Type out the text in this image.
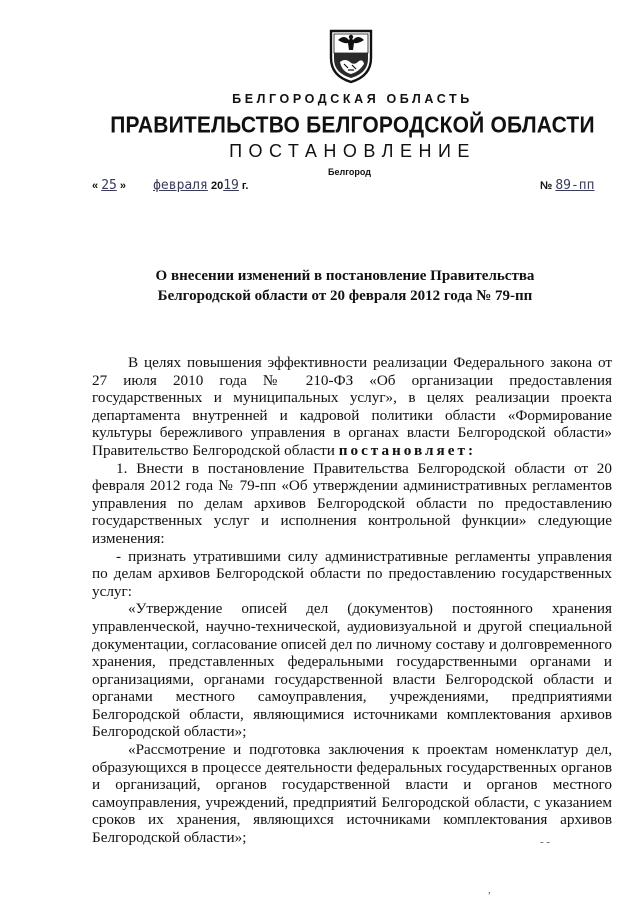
БЕЛГОРОДСКАЯ ОБЛАСТЬ
ПРАВИТЕЛЬСТВО БЕЛГОРОДСКОЙ ОБЛАСТИ
ПОСТАНОВЛЕНИЕ
Белгород
« 25 » февраля 2019 г.	№ 89-пп
О внесении изменений в постановление Правительства
Белгородской области от 20 февраля 2012 года № 79-пп

В целях повышения эффективности реализации Федерального закона от 27 июля 2010 года № 210-ФЗ «Об организации предоставления государственных и муниципальных услуг», в целях реализации проекта департамента внутренней и кадровой политики области «Формирование культуры бережливого управления в органах власти Белгородской области» Правительство Белгородской области постановляет:

1. Внести в постановление Правительства Белгородской области от 20 февраля 2012 года № 79-пп «Об утверждении административных регламентов управления по делам архивов Белгородской области по предоставлению государственных услуг и исполнения контрольной функции» следующие изменения:

- признать утратившими силу административные регламенты управления по делам архивов Белгородской области по предоставлению государственных услуг:

«Утверждение описей дел (документов) постоянного хранения управленческой, научно-технической, аудиовизуальной и другой специальной документации, согласование описей дел по личному составу и долговременного хранения, представленных федеральными государственными органами и организациями, органами государственной власти Белгородской области и органами местного самоуправления, учреждениями, предприятиями Белгородской области, являющимися источниками комплектования архивов Белгородской области»;

«Рассмотрение и подготовка заключения к проектам номенклатур дел, образующихся в процессе деятельности федеральных государственных органов и организаций, органов государственной власти и органов местного самоуправления, учреждений, предприятий Белгородской области, с указанием сроков их хранения, являющихся источниками комплектования архивов Белгородской области»;	- -
,
